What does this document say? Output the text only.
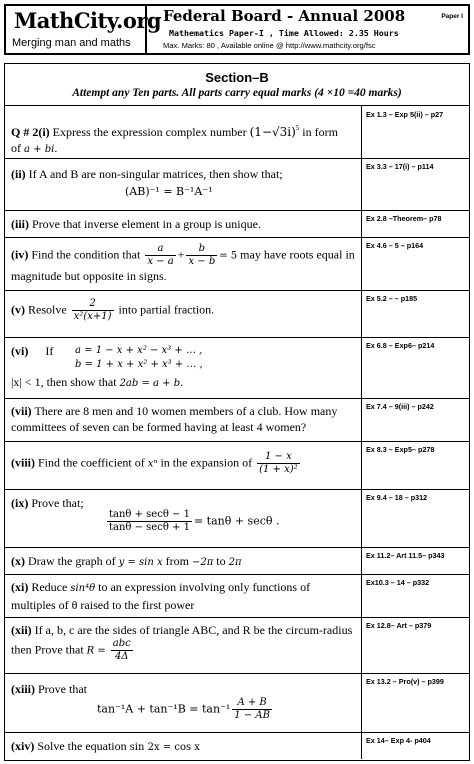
MathCity.org
Merging man and maths
Federal Board - Annual 2008	Paper I
Mathematics Paper-I , Time Allowed: 2.35 Hours
Max. Marks: 80 , Available online @ http://www.mathcity.org/fsc
Section–B
Attempt any Ten parts. All parts carry equal marks (4 ×10 =40 marks)
Q # 2(i) Express the expression complex number $(1-√3i)^5$ in form
of a + bi.
Ex 1.3 – Exp 5(ii) – p27
(ii) If A and B are non-singular matrices, then show that;
(AB)⁻¹ = B⁻¹A⁻¹
Ex 3.3 – 17(i) – p114
(iii) Prove that inverse element in a group is unique.	Ex 2.8 –Theorem– p78
(iv) Find the condition that $\frac{a}{x - a} + \frac{b}{x - b} = 5$ may have roots equal in magnitude but opposite in signs.
Ex 4.6 – 5 – p164
(v) Resolve $\frac{2}{\text{x²(x+1)}}$ into partial fraction.
Ex 5.2 – – p185
(vi) If	a = 1 − x + x² − x³ + … ,
b = 1 + x + x² + x³ + … ,
|x| < 1, then show that 2ab = a + b.
Ex 6.8 – Exp6– p214
(vii) There are 8 men and 10 women members of a club. How many committees of seven can be formed having at least 4 women?
Ex 7.4 – 9(iii) – p242
(viii) Find the coefficient of xⁿ in the expansion of $\frac{1 - x}{\text{(1 + x)²}}$
Ex 8.3 – Exp5– p278
(ix) Prove that;
$\frac{\tan\theta + \sec\theta - 1}{\tan\theta - \sec\theta + 1} = \tan\theta + \sec\theta$ .
Ex 9.4 – 18 – p312
(x) Draw the graph of y = sin x from −2π to 2π
Ex 11.2– Art 11.5– p343
(xi) Reduce sin⁴θ to an expression involving only functions of multiples of θ raised to the first power
Ex10.3 – 14 – p332
(xii) If a, b, c are the sides of triangle ABC, and R be the circum-radius then Prove that $R = \frac{\text{abc}}{4\Delta}$
Ex 12.8– Art – p379
(xiii) Prove that
$\tan^{-1}A + \tan^{-1}B = \tan^{-1} \frac{A + B}{1 - AB}$
Ex 13.2 – Pro(v) – p399
(xiv) Solve the equation sin 2x = cos x
Ex 14– Exp 4- p404
